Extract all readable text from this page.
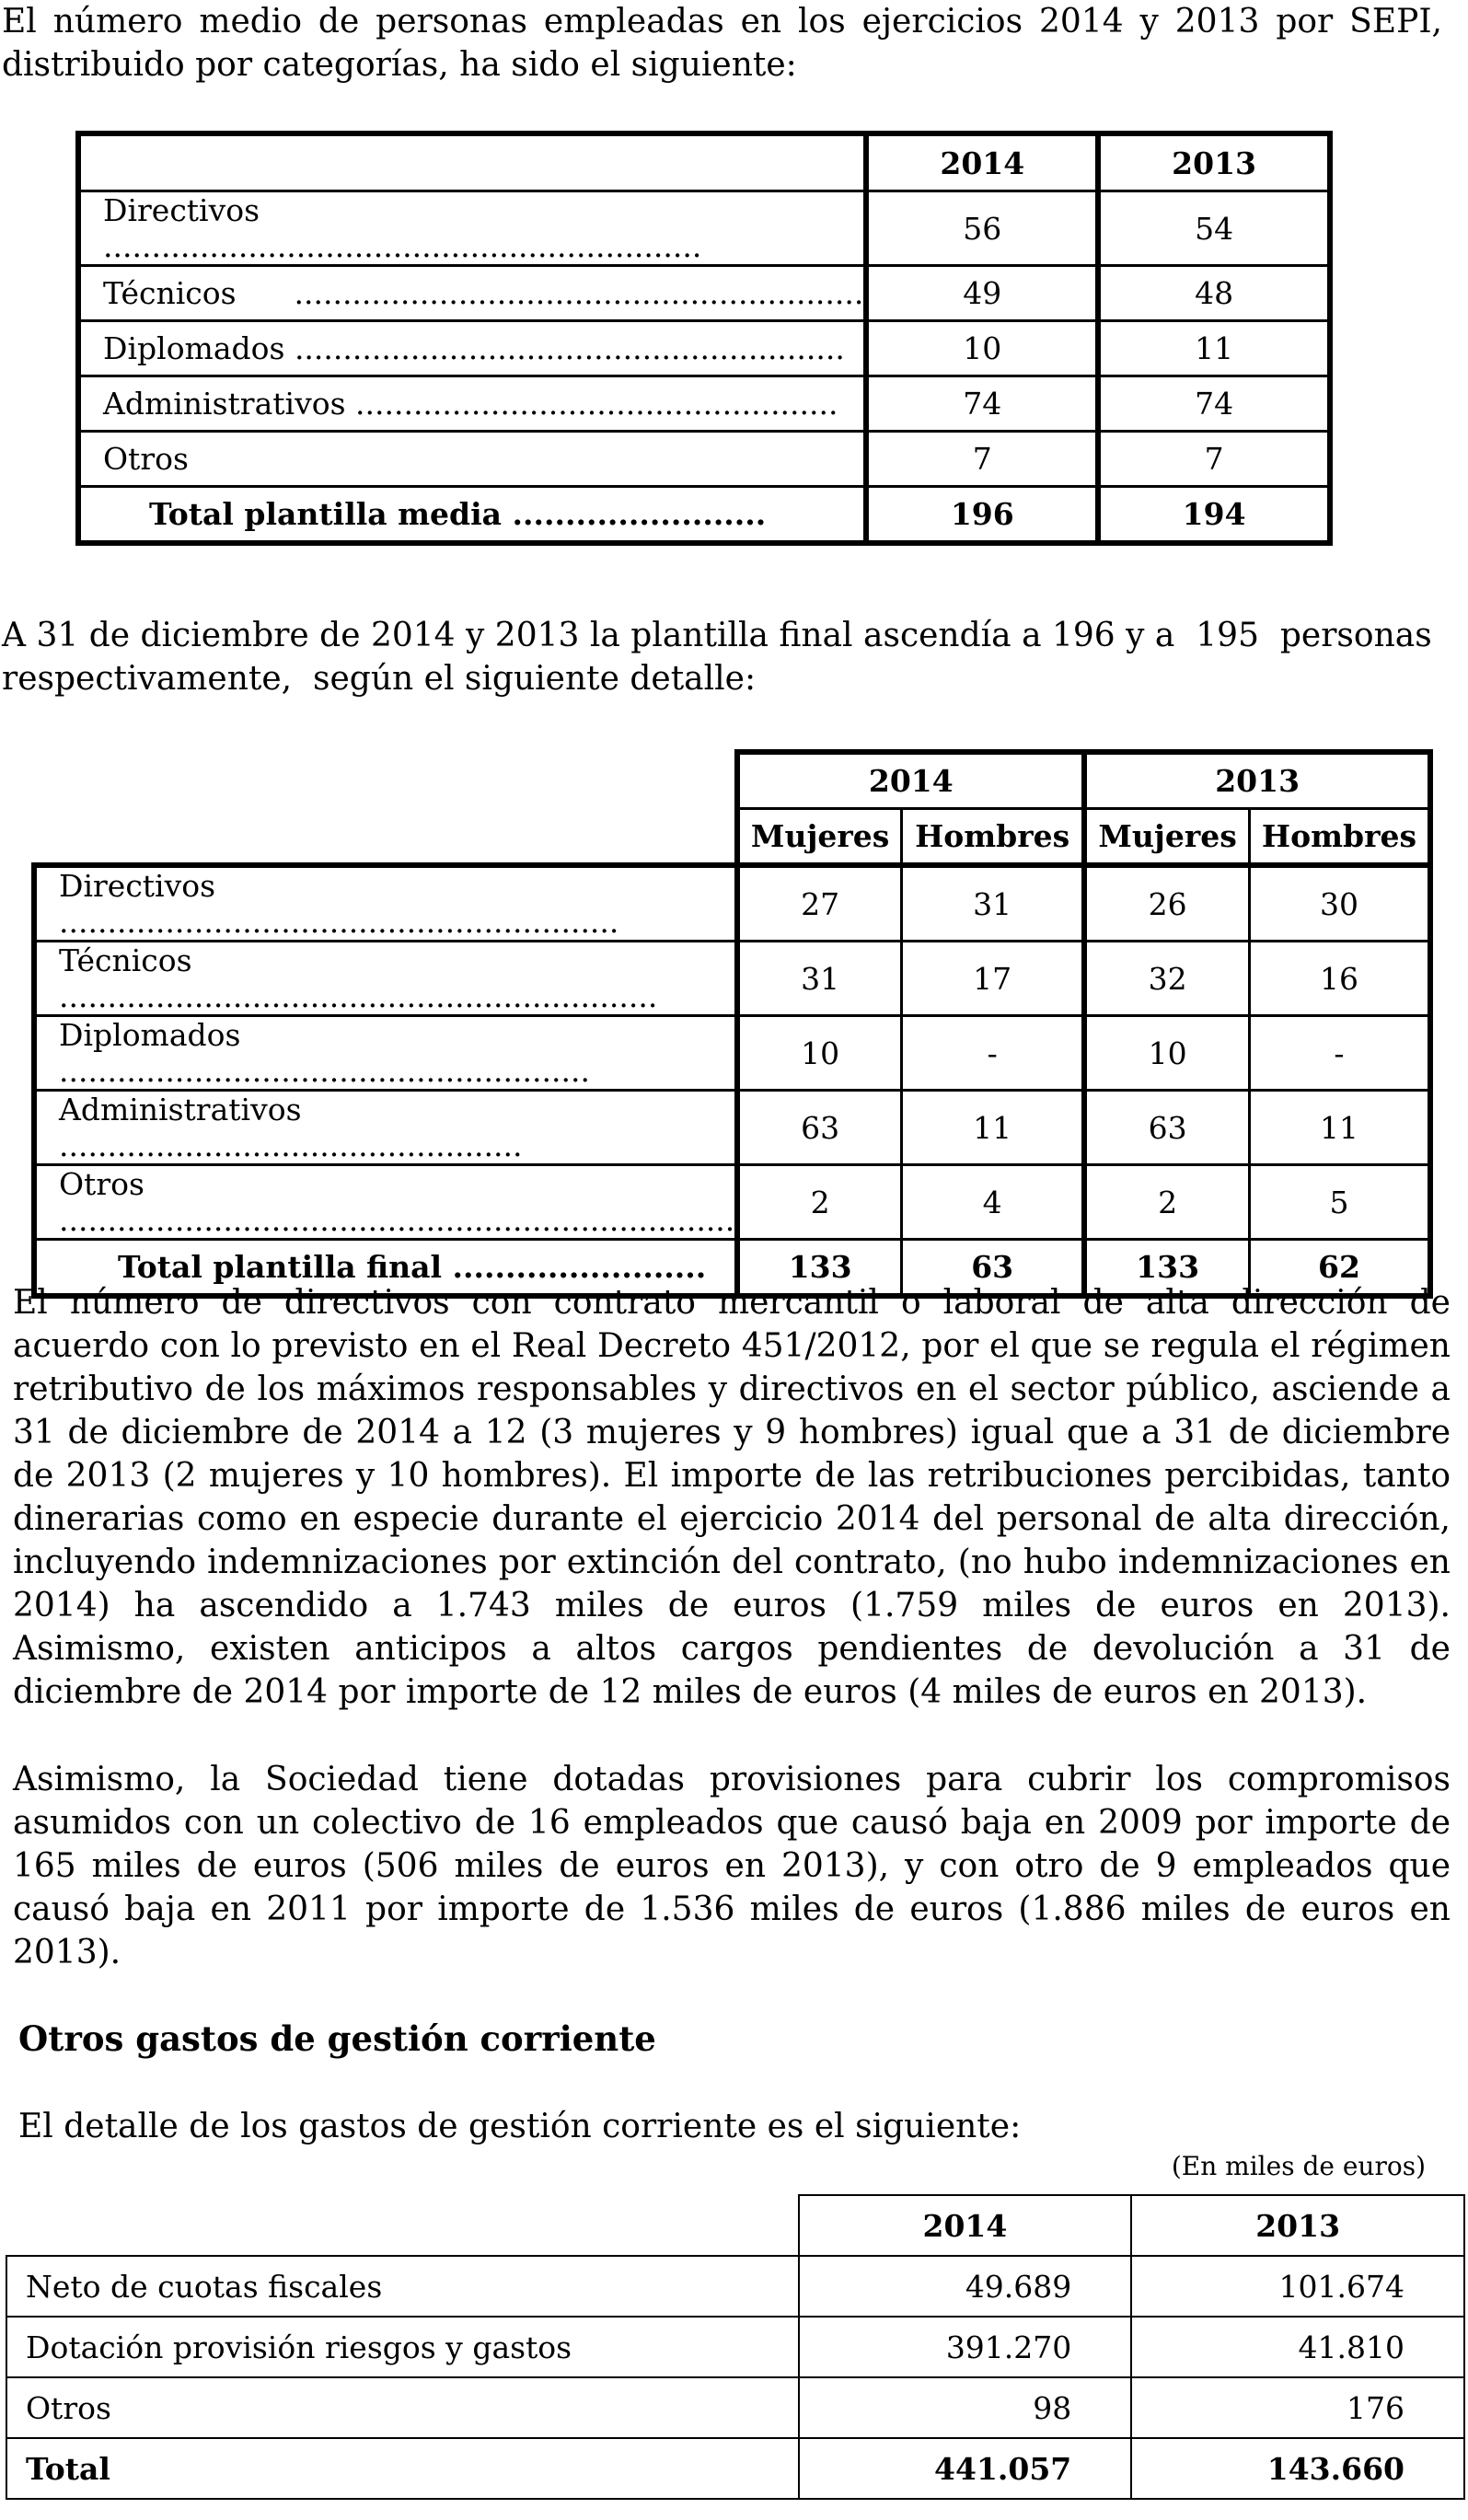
El número medio de personas empleadas en los ejercicios 2014 y 2013 por SEPI,

distribuido por categorías, ha sido el siguiente:

	2014	2013
Directivos ..............................................................	56	54
Técnicos      ...........................................................	49	48
Diplomados .........................................................	10	11
Administrativos ..................................................	74	74
Otros	7	7
Total plantilla media ........................	196	194

A 31 de diciembre de 2014 y 2013 la plantilla final ascendía a 196 y a  195  personas

respectivamente,  según el siguiente detalle:

	2014		2013	
	Mujeres	Hombres	Mujeres	Hombres
Directivos ..........................................................	27	31	26	30
Técnicos ..............................................................	31	17	32	16
Diplomados .......................................................	10	-	10	-
Administrativos ................................................	63	11	63	11
Otros ......................................................................	2	4	2	5
Total plantilla final ........................	133	63	133	62

El número de directivos con contrato mercantil o laboral de alta dirección de acuerdo con lo previsto en el Real Decreto 451/2012, por el que se regula el régimen retributivo de los máximos responsables y directivos en el sector público, asciende a 31 de diciembre de 2014 a 12 (3 mujeres y 9 hombres) igual que a 31 de diciembre de 2013 (2 mujeres y 10 hombres). El importe de las retribuciones percibidas, tanto dinerarias como en especie durante el ejercicio 2014 del personal de alta dirección, incluyendo indemnizaciones por extinción del contrato, (no hubo indemnizaciones en 2014) ha ascendido a 1.743 miles de euros (1.759 miles de euros en 2013). Asimismo, existen anticipos a altos cargos pendientes de devolución a 31 de diciembre de 2014 por importe de 12 miles de euros (4 miles de euros en 2013).

Asimismo, la Sociedad tiene dotadas provisiones para cubrir los compromisos asumidos con un colectivo de 16 empleados que causó baja en 2009 por importe de 165 miles de euros (506 miles de euros en 2013), y con otro de 9 empleados que causó baja en 2011 por importe de 1.536 miles de euros (1.886 miles de euros en 2013).

Otros gastos de gestión corriente
El detalle de los gastos de gestión corriente es el siguiente:
(En miles de euros)
	2014	2013
Neto de cuotas fiscales	49.689	101.674
Dotación provisión riesgos y gastos	391.270	41.810
Otros	98	176
Total	441.057	143.660
